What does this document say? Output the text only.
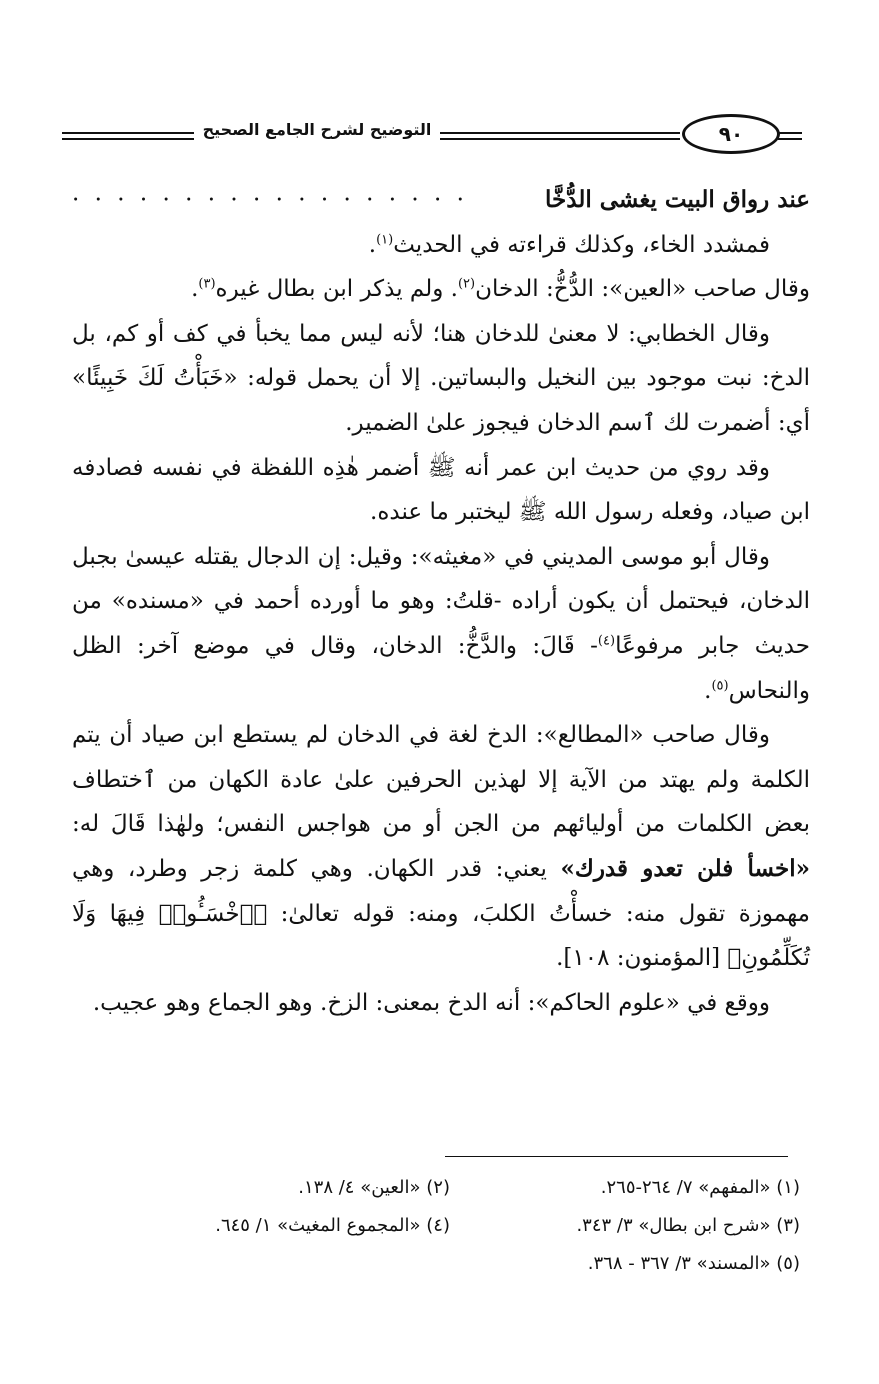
التوضيح لشرح الجامع الصحيح	٩٠

عند رواق البيت يغشى الدُّخَّا
· · · · · · · · · · · · · · · · · ·

فمشدد الخاء، وكذلك قراءته في الحديث$^{(١)}$.

وقال صاحب «العين»: الدُّخُّ: الدخان$^{(٢)}$. ولم يذكر ابن بطال غيره$^{(٣)}$.

وقال الخطابي: لا معنىٰ للدخان هنا؛ لأنه ليس مما يخبأ في كف أو كم، بل الدخ: نبت موجود بين النخيل والبساتين. إلا أن يحمل قوله: «خَبَأْتُ لَكَ خَبِيئًا» أي: أضمرت لك ٱسم الدخان فيجوز علىٰ الضمير.

وقد روي من حديث ابن عمر أنه ﷺ أضمر هٰذِه اللفظة في نفسه فصادفه ابن صياد، وفعله رسول الله ﷺ ليختبر ما عنده.

وقال أبو موسى المديني في «مغيثه»: وقيل: إن الدجال يقتله عيسىٰ بجبل الدخان، فيحتمل أن يكون أراده -قلتُ: وهو ما أورده أحمد في «مسنده» من حديث جابر مرفوعًا$^{(٤)}$- قَالَ: والدَّخُّ: الدخان، وقال في موضع آخر: الظل والنحاس$^{(٥)}$.

وقال صاحب «المطالع»: الدخ لغة في الدخان لم يستطع ابن صياد أن يتم الكلمة ولم يهتد من الآية إلا لهذين الحرفين علىٰ عادة الكهان من ٱختطاف بعض الكلمات من أوليائهم من الجن أو من هواجس النفس؛ ولهٰذا قَالَ له: «اخسأ فلن تعدو قدرك» يعني: قدر الكهان. وهي كلمة زجر وطرد، وهي مهموزة تقول منه: خسأْتُ الكلبَ، ومنه: قوله تعالىٰ: ﴿ٱخْسَـُٔوا۟ فِيهَا وَلَا تُكَلِّمُونِ﴾ [المؤمنون: ١٠٨].

ووقع في «علوم الحاكم»: أنه الدخ بمعنى: الزخ. وهو الجماع وهو عجيب.

(١) «المفهم» ٧/ ٢٦٤-٢٦٥.
(٢) «العين» ٤/ ١٣٨.
(٣) «شرح ابن بطال» ٣/ ٣٤٣.
(٤) «المجموع المغيث» ١/ ٦٤٥.
(٥) «المسند» ٣/ ٣٦٧ - ٣٦٨.
